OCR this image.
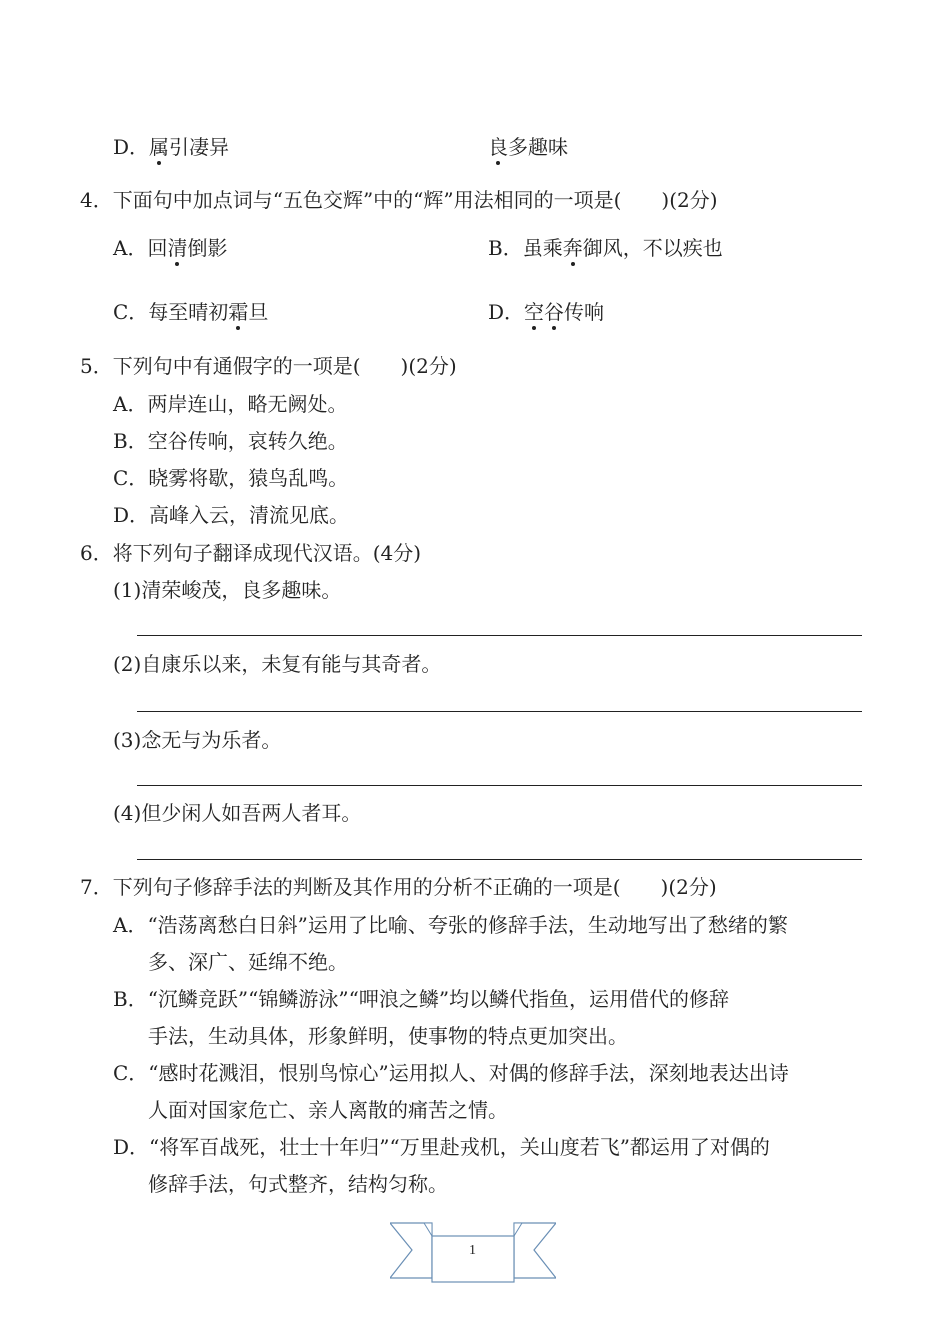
D．属引凄异	良多趣味
4．下面句中加点词与“五色交辉”中的“辉”用法相同的一项是(　　)(2分)
A．回清倒影	B．虽乘奔御风，不以疾也
C．每至晴初霜旦	D．空谷传响
5．下列句中有通假字的一项是(　　)(2分)
A．两岸连山，略无阙处。
B．空谷传响，哀转久绝。
C．晓雾将歇，猿鸟乱鸣。
D．高峰入云，清流见底。
6．将下列句子翻译成现代汉语。(4分)
(1)清荣峻茂，良多趣味。
(2)自康乐以来，未复有能与其奇者。
(3)念无与为乐者。
(4)但少闲人如吾两人者耳。
7．下列句子修辞手法的判断及其作用的分析不正确的一项是(　　)(2分)
A．“浩荡离愁白日斜”运用了比喻、夸张的修辞手法，生动地写出了愁绪的繁
多、深广、延绵不绝。
B．“沉鳞竞跃”“锦鳞游泳”“呷浪之鳞”均以鳞代指鱼，运用借代的修辞
手法，生动具体，形象鲜明，使事物的特点更加突出。
C．“感时花溅泪，恨别鸟惊心”运用拟人、对偶的修辞手法，深刻地表达出诗
人面对国家危亡、亲人离散的痛苦之情。
D．“将军百战死，壮士十年归”“万里赴戎机，关山度若飞”都运用了对偶的
修辞手法，句式整齐，结构匀称。
1
